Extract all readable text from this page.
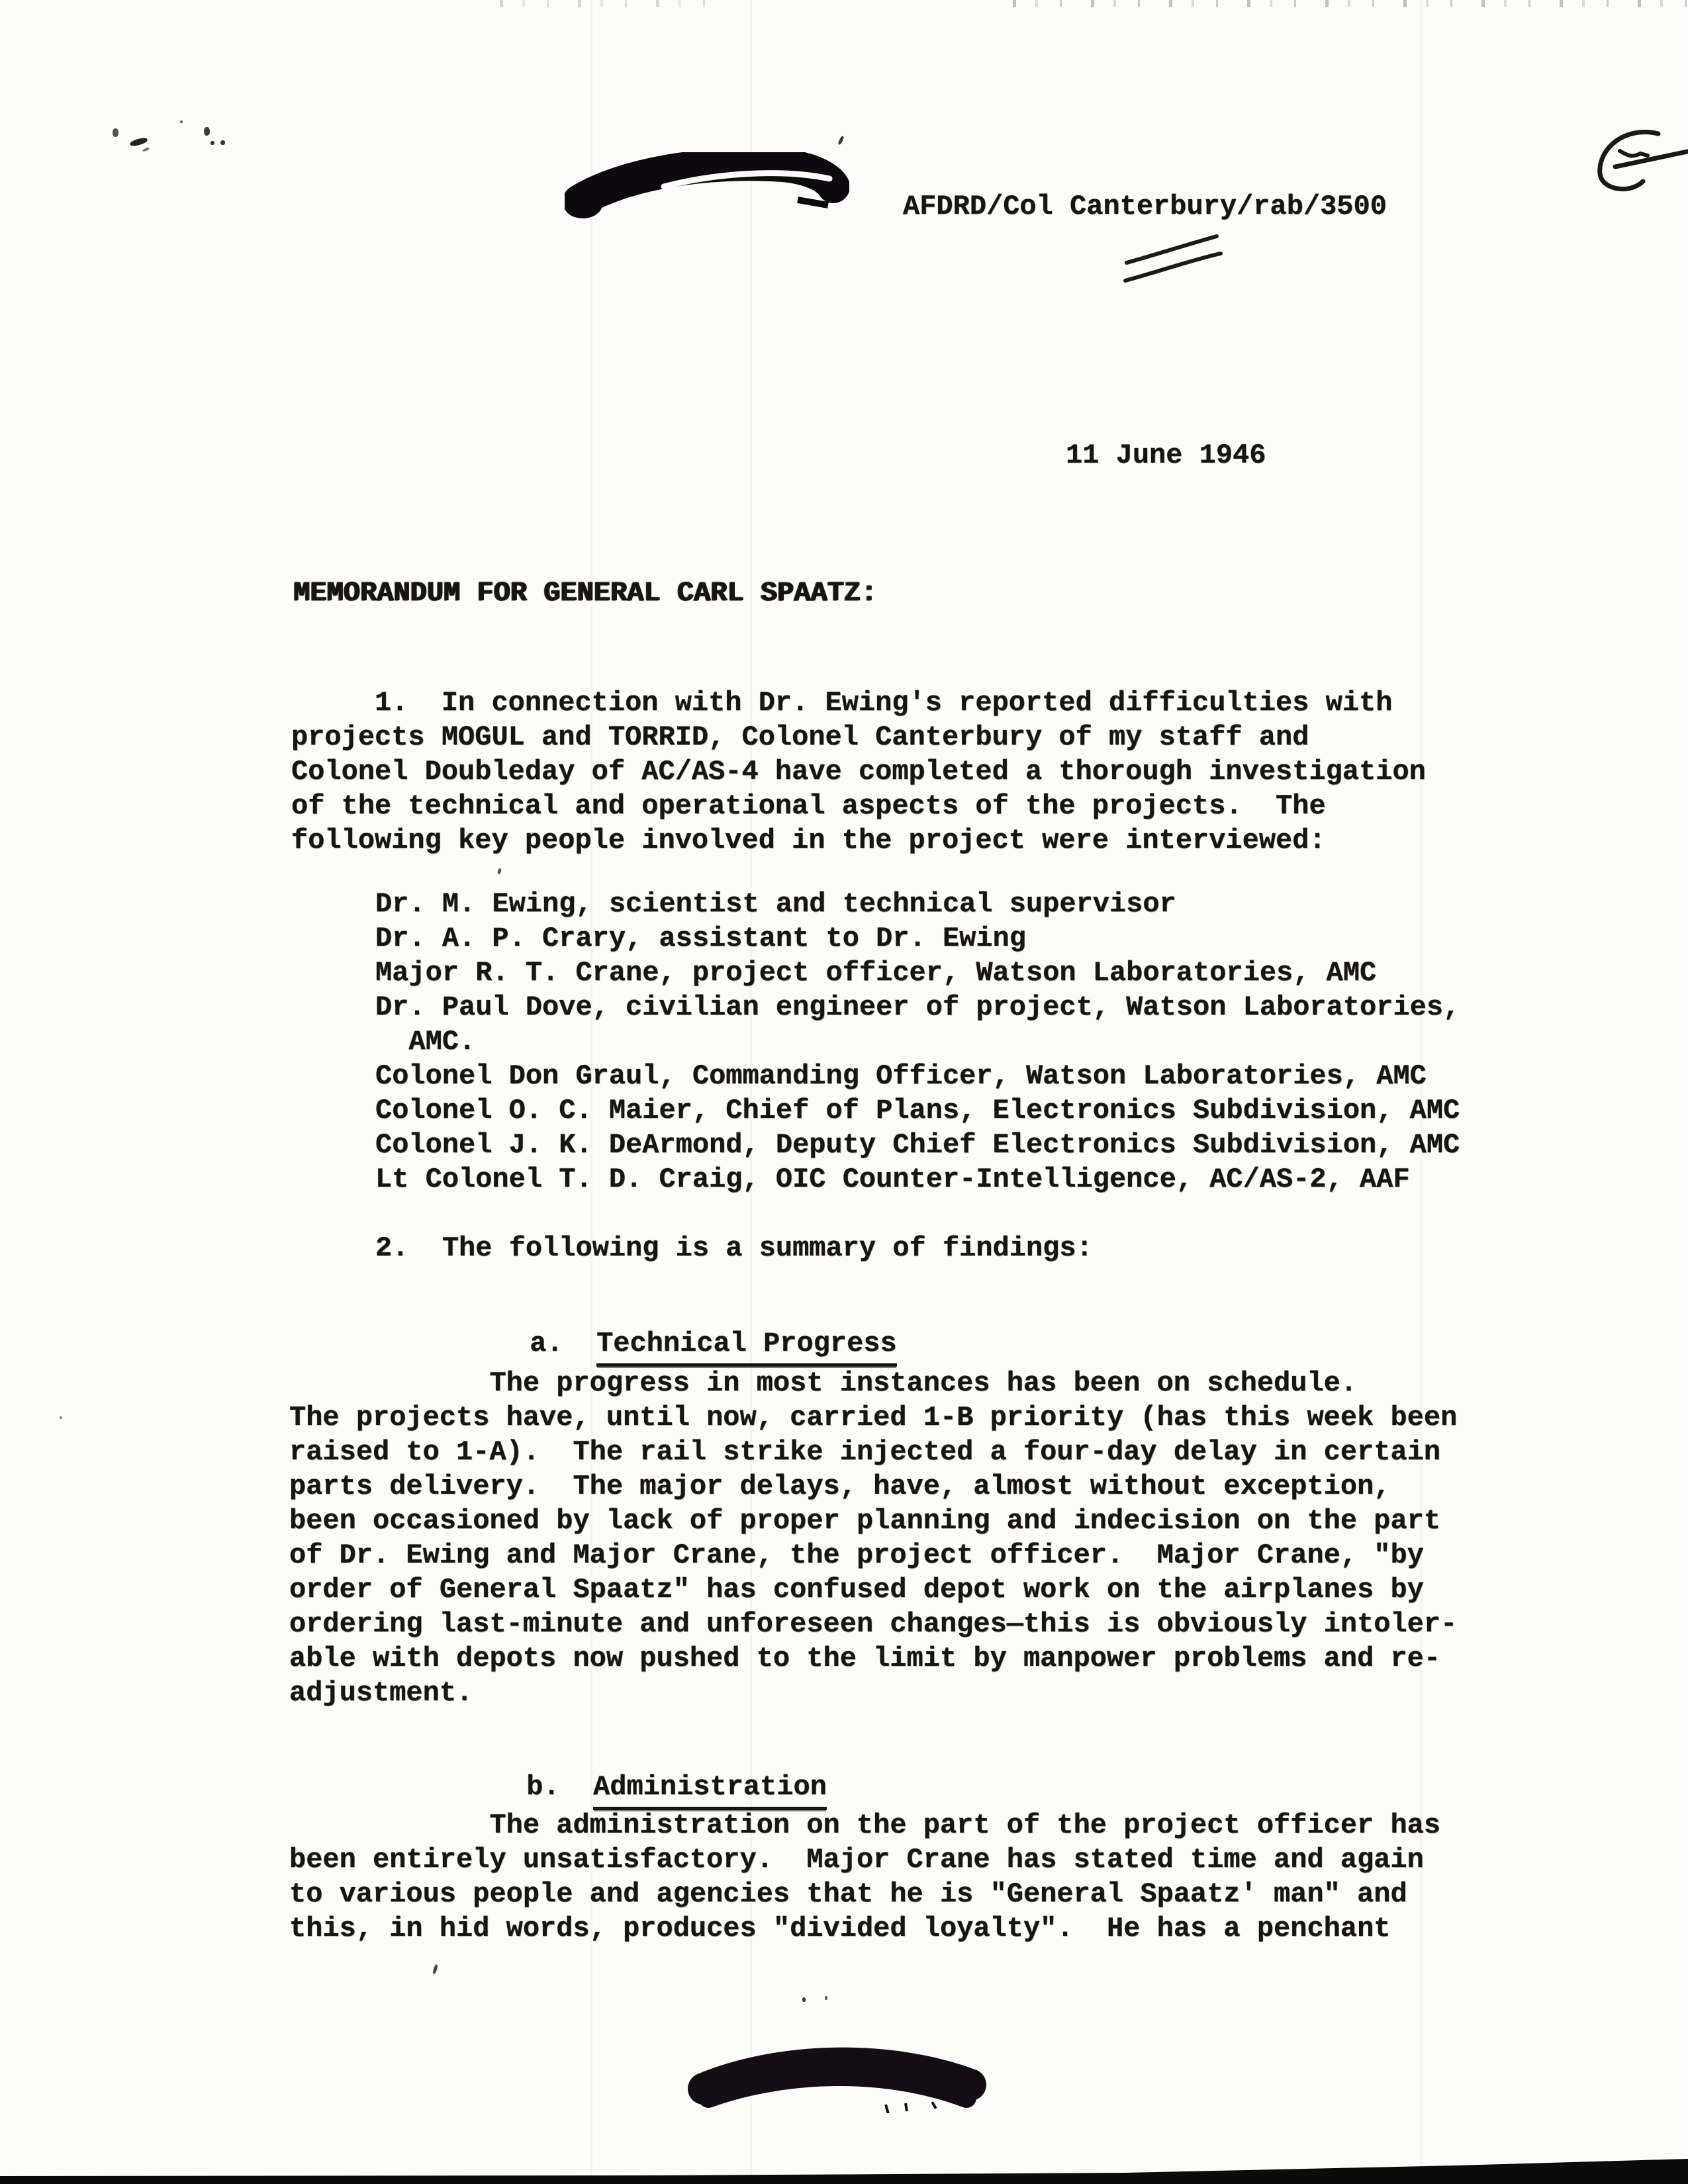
AFDRD/Col Canterbury/rab/3500
11 June 1946
MEMORANDUM FOR GENERAL CARL SPAATZ:
1.  In connection with Dr. Ewing's reported difficulties with
projects MOGUL and TORRID, Colonel Canterbury of my staff and
Colonel Doubleday of AC/AS-4 have completed a thorough investigation
of the technical and operational aspects of the projects.  The
following key people involved in the project were interviewed:
Dr. M. Ewing, scientist and technical supervisor
Dr. A. P. Crary, assistant to Dr. Ewing
Major R. T. Crane, project officer, Watson Laboratories, AMC
Dr. Paul Dove, civilian engineer of project, Watson Laboratories,
AMC.
Colonel Don Graul, Commanding Officer, Watson Laboratories, AMC
Colonel O. C. Maier, Chief of Plans, Electronics Subdivision, AMC
Colonel J. K. DeArmond, Deputy Chief Electronics Subdivision, AMC
Lt Colonel T. D. Craig, OIC Counter-Intelligence, AC/AS-2, AAF
2.  The following is a summary of findings:

a. Technical Progress

The progress in most instances has been on schedule.
The projects have, until now, carried 1-B priority (has this week been
raised to 1-A).  The rail strike injected a four-day delay in certain
parts delivery.  The major delays, have, almost without exception,
been occasioned by lack of proper planning and indecision on the part
of Dr. Ewing and Major Crane, the project officer.  Major Crane, "by
order of General Spaatz" has confused depot work on the airplanes by
ordering last-minute and unforeseen changes—this is obviously intoler-
able with depots now pushed to the limit by manpower problems and re-
adjustment.

b. Administration

The administration on the part of the project officer has
been entirely unsatisfactory.  Major Crane has stated time and again
to various people and agencies that he is "General Spaatz' man" and
this, in hid words, produces "divided loyalty".  He has a penchant
